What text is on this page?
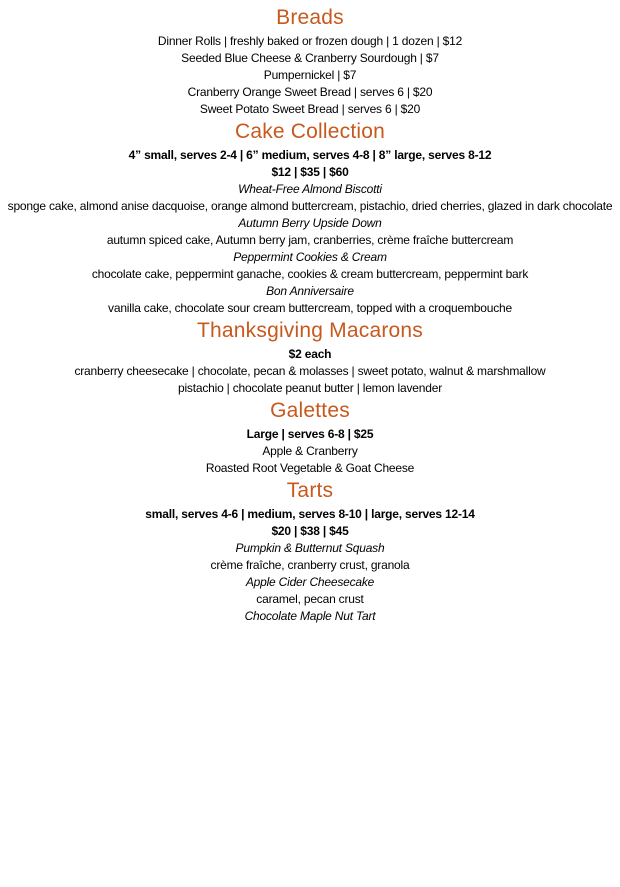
Breads

Dinner Rolls | freshly baked or frozen dough | 1 dozen | $12

Seeded Blue Cheese & Cranberry Sourdough | $7

Pumpernickel | $7

Cranberry Orange Sweet Bread | serves 6 | $20

Sweet Potato Sweet Bread | serves 6 | $20

Cake Collection

4” small, serves 2-4 | 6” medium, serves 4-8 | 8” large, serves 8-12

$12 | $35 | $60

Wheat-Free Almond Biscotti

sponge cake, almond anise dacquoise, orange almond buttercream, pistachio, dried cherries, glazed in dark chocolate

Autumn Berry Upside Down

autumn spiced cake, Autumn berry jam, cranberries, crème fraîche buttercream

Peppermint Cookies & Cream

chocolate cake, peppermint ganache, cookies & cream buttercream, peppermint bark

Bon Anniversaire

vanilla cake, chocolate sour cream buttercream, topped with a croquembouche

Thanksgiving Macarons

$2 each

cranberry cheesecake | chocolate, pecan & molasses | sweet potato, walnut & marshmallow

pistachio | chocolate peanut butter | lemon lavender

Galettes

Large | serves 6-8 | $25

Apple & Cranberry

Roasted Root Vegetable & Goat Cheese

Tarts

small, serves 4-6 | medium, serves 8-10 | large, serves 12-14

$20 | $38 | $45

Pumpkin & Butternut Squash

crème fraîche, cranberry crust, granola

Apple Cider Cheesecake

caramel, pecan crust

Chocolate Maple Nut Tart
